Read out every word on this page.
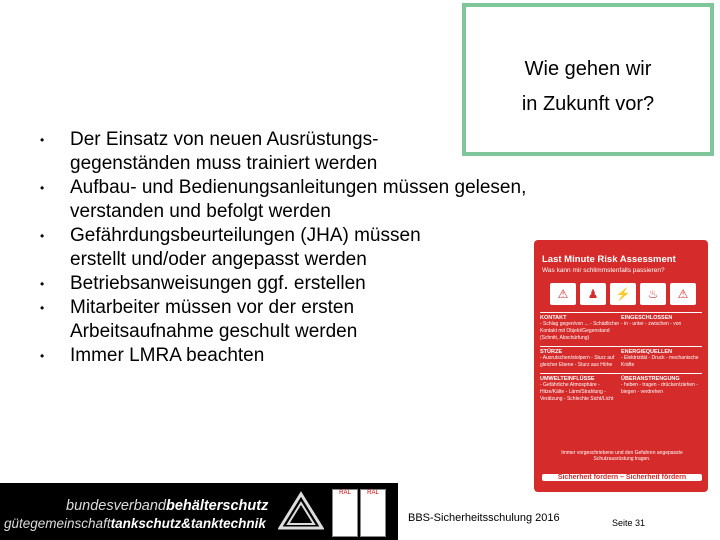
Wie gehen wir
in Zukunft vor?
• Der Einsatz von neuen Ausrüstungs-
gegenständen muss trainiert werden
• Aufbau- und Bedienungsanleitungen müssen gelesen,
verstanden und befolgt werden
• Gefährdungsbeurteilungen (JHA) müssen
erstellt und/oder angepasst werden
• Betriebsanweisungen ggf. erstellen
• Mitarbeiter müssen vor der ersten
Arbeitsaufnahme geschult werden
• Immer LMRA beachten
Last Minute Risk Assessment
Was kann mir schlimmstenfalls passieren?
⚠	♟	⚡	♨	⚠
KONTAKT	EINGESCHLOSSEN
- Schlag gegen/von ... - Schädlicher Kontakt mit Objekt/Gegenstand (Schnitt, Abschürfung)
- in - unter - zwischen - von
STÜRZE	ENERGIEQUELLEN
- Ausrutschen/stolpern - Sturz auf gleicher Ebene - Sturz aus Höhe
- Elektrizität - Druck - mechanische Kräfte
UMWELTEINFLÜSSE	ÜBERANSTRENGUNG
- Gefährliche Atmosphäre - Hitze/Kälte - Lärm/Strahlung - Verätzung - Schlechte Sicht/Licht
- heben - tragen - drücken/ziehen - biegen - verdrehen
Immer vorgeschriebene und den Gefahren angepasste Schutzausrüstung tragen.
Sicherheit fordern – Sicherheit fördern
bundesverbandbehälterschutz
gütegemeinschafttankschutz&tanktechnik
RAL	RAL
BBS-Sicherheitsschulung 2016	Seite 31
